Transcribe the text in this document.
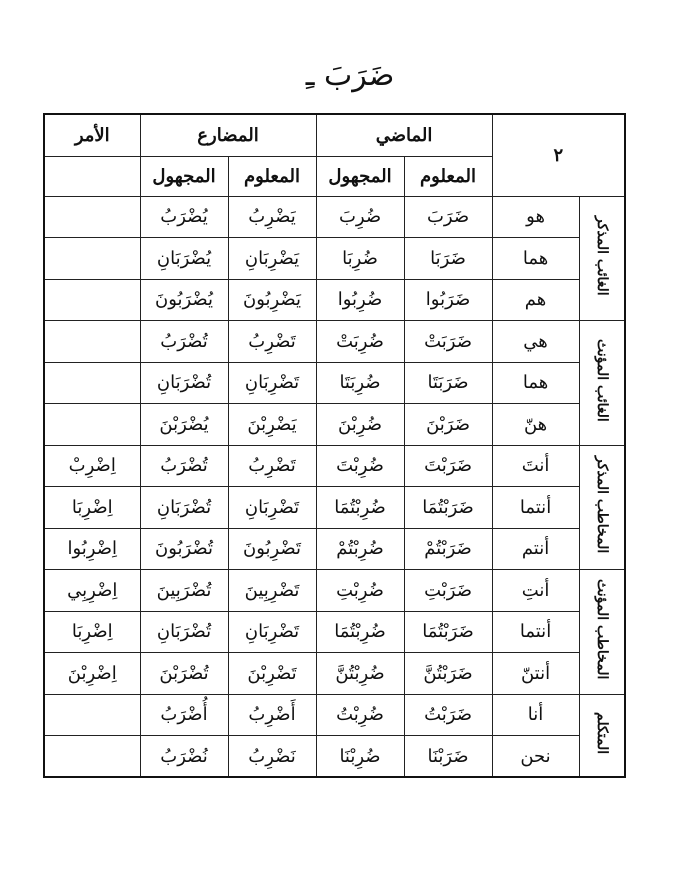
ضَرَبَ ـِ
٢		الماضي		المضارع		الأمر
		المعلوم	المجهول	المعلوم	المجهول	
الغائب المذكر	هو	ضَرَبَ	ضُرِبَ	يَضْرِبُ	يُضْرَبُ	
	هما	ضَرَبَا	ضُرِبَا	يَضْرِبَانِ	يُضْرَبَانِ	
	هم	ضَرَبُوا	ضُرِبُوا	يَضْرِبُونَ	يُضْرَبُونَ	
الغائب المؤنث	هي	ضَرَبَتْ	ضُرِبَتْ	تَضْرِبُ	تُضْرَبُ	
	هما	ضَرَبَتَا	ضُرِبَتَا	تَضْرِبَانِ	تُضْرَبَانِ	
	هنّ	ضَرَبْنَ	ضُرِبْنَ	يَضْرِبْنَ	يُضْرَبْنَ	
المخاطب المذكر	أنتَ	ضَرَبْتَ	ضُرِبْتَ	تَضْرِبُ	تُضْرَبُ	اِضْرِبْ
	أنتما	ضَرَبْتُمَا	ضُرِبْتُمَا	تَضْرِبَانِ	تُضْرَبَانِ	اِضْرِبَا
	أنتم	ضَرَبْتُمْ	ضُرِبْتُمْ	تَضْرِبُونَ	تُضْرَبُونَ	اِضْرِبُوا
المخاطب المؤنث	أنتِ	ضَرَبْتِ	ضُرِبْتِ	تَضْرِبِينَ	تُضْرَبِينَ	اِضْرِبِي
	أنتما	ضَرَبْتُمَا	ضُرِبْتُمَا	تَضْرِبَانِ	تُضْرَبَانِ	اِضْرِبَا
	أنتنّ	ضَرَبْتُنَّ	ضُرِبْتُنَّ	تَضْرِبْنَ	تُضْرَبْنَ	اِضْرِبْنَ
المتكلم	أنا	ضَرَبْتُ	ضُرِبْتُ	أَضْرِبُ	أُضْرَبُ	
	نحن	ضَرَبْنَا	ضُرِبْنَا	نَضْرِبُ	نُضْرَبُ	
